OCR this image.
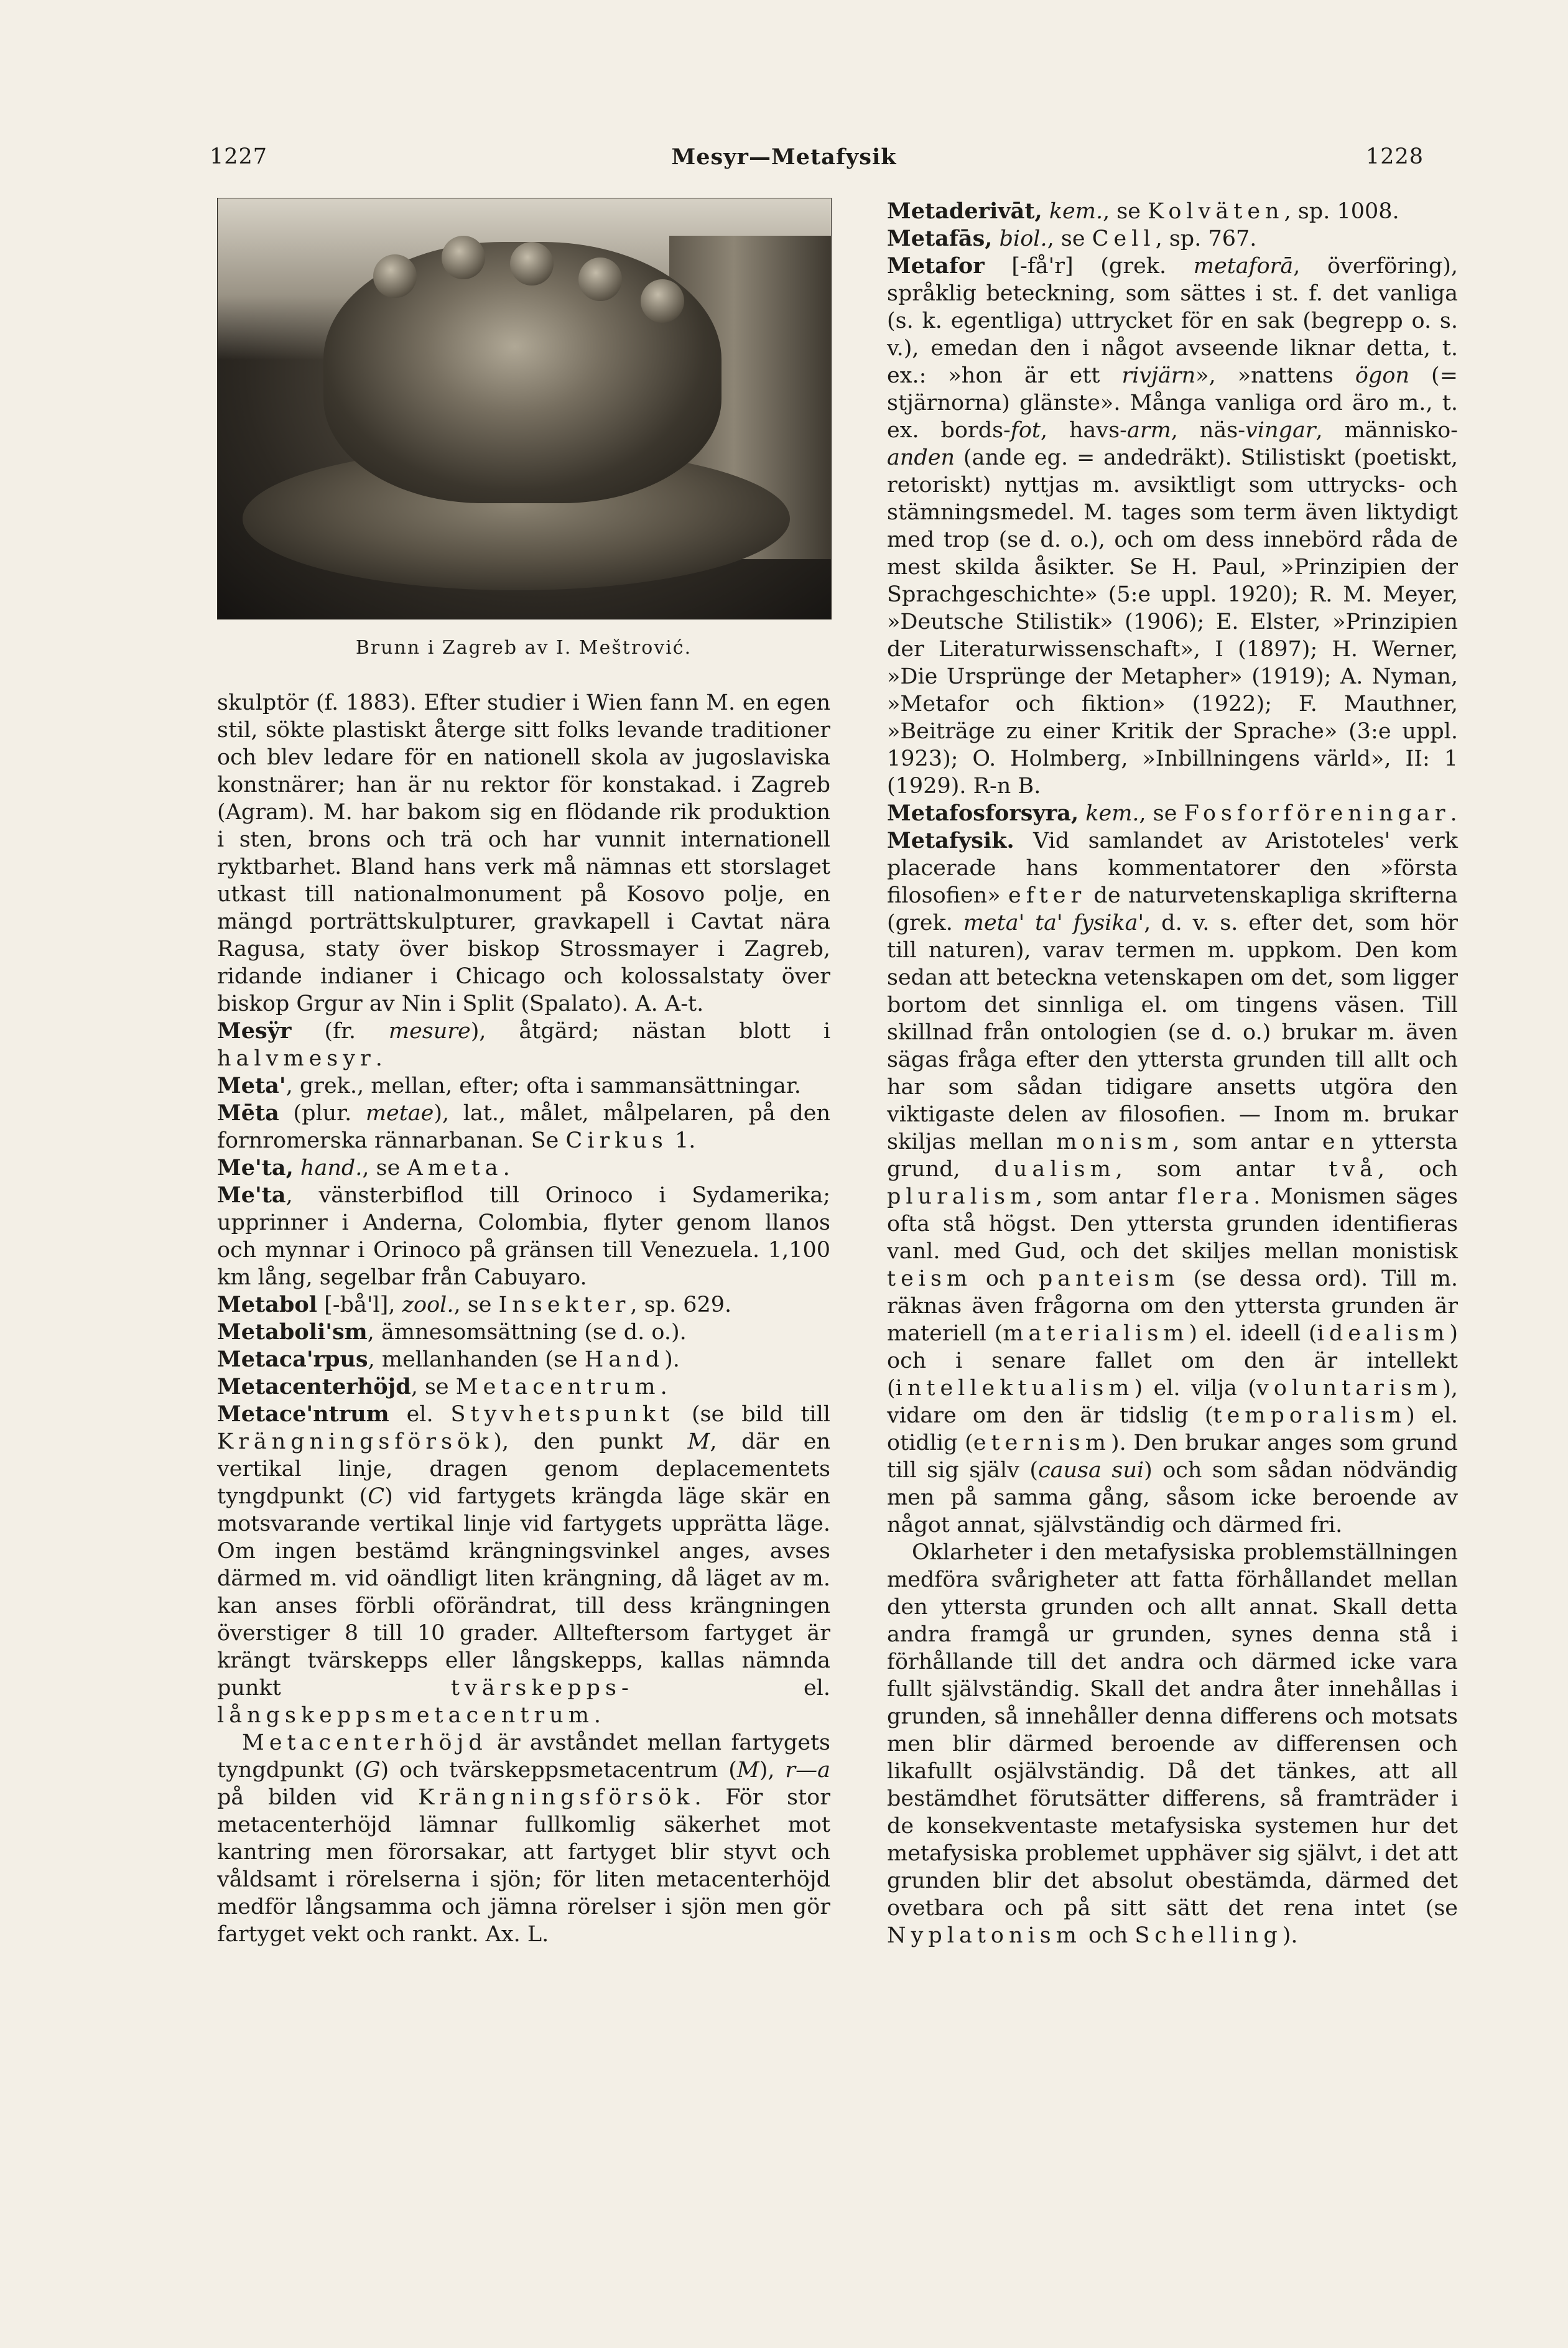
1227	Mesyr—Metafysik	1228
Brunn i Zagreb av I. Meštrović.

skulptör (f. 1883). Efter studier i Wien fann M. en egen stil, sökte plastiskt återge sitt folks levande traditioner och blev ledare för en nationell skola av jugoslaviska konstnärer; han är nu rektor för konstakad. i Zagreb (Agram). M. har bakom sig en flödande rik produktion i sten, brons och trä och har vunnit internationell ryktbarhet. Bland hans verk må nämnas ett storslaget utkast till nationalmonument på Kosovo polje, en mängd porträttskulpturer, gravkapell i Cavtat nära Ragusa, staty över biskop Strossmayer i Zagreb, ridande indianer i Chicago och kolossalstaty över biskop Grgur av Nin i Split (Spalato). A. A-t.

Mesÿr (fr. mesure), åtgärd; nästan blott i halvmesyr.

Meta', grek., mellan, efter; ofta i sammansättningar.

Mēta (plur. metae), lat., målet, målpelaren, på den fornromerska rännarbanan. Se Cirkus 1.

Me'ta, hand., se Ameta.

Me'ta, vänsterbiflod till Orinoco i Sydamerika; upprinner i Anderna, Colombia, flyter genom llanos och mynnar i Orinoco på gränsen till Venezuela. 1,100 km lång, segelbar från Cabuyaro.

Metabol [-bå'l], zool., se Insekter, sp. 629.

Metaboli'sm, ämnesomsättning (se d. o.).

Metaca'rpus, mellanhanden (se Hand).

Metacenterhöjd, se Metacentrum.

Metace'ntrum el. Styvhetspunkt (se bild till Krängningsförsök), den punkt M, där en vertikal linje, dragen genom deplacementets tyngdpunkt (C) vid fartygets krängda läge skär en motsvarande vertikal linje vid fartygets upprätta läge. Om ingen bestämd krängningsvinkel anges, avses därmed m. vid oändligt liten krängning, då läget av m. kan anses förbli oförändrat, till dess krängningen överstiger 8 till 10 grader. Allteftersom fartyget är krängt tvärskepps eller långskepps, kallas nämnda punkt tvärskepps- el. långskeppsmetacentrum.

Metacenterhöjd är avståndet mellan fartygets tyngdpunkt (G) och tvärskeppsmetacentrum (M), r—a på bilden vid Krängningsförsök. För stor metacenterhöjd lämnar fullkomlig säkerhet mot kantring men förorsakar, att fartyget blir styvt och våldsamt i rörelserna i sjön; för liten metacenterhöjd medför långsamma och jämna rörelser i sjön men gör fartyget vekt och rankt. Ax. L.

Metaderivāt, kem., se Kolväten, sp. 1008.

Metafās, biol., se Cell, sp. 767.

Metafor [-få'r] (grek. metaforā, överföring), språklig beteckning, som sättes i st. f. det vanliga (s. k. egentliga) uttrycket för en sak (begrepp o. s. v.), emedan den i något avseende liknar detta, t. ex.: »hon är ett rivjärn», »nattens ögon (= stjärnorna) glänste». Många vanliga ord äro m., t. ex. bords-fot, havs-arm, näs-vingar, människo-anden (ande eg. = andedräkt). Stilistiskt (poetiskt, retoriskt) nyttjas m. avsiktligt som uttrycks- och stämningsmedel. M. tages som term även liktydigt med trop (se d. o.), och om dess innebörd råda de mest skilda åsikter. Se H. Paul, »Prinzipien der Sprachgeschichte» (5:e uppl. 1920); R. M. Meyer, »Deutsche Stilistik» (1906); E. Elster, »Prinzipien der Literaturwissenschaft», I (1897); H. Werner, »Die Ursprünge der Metapher» (1919); A. Nyman, »Metafor och fiktion» (1922); F. Mauthner, »Beiträge zu einer Kritik der Sprache» (3:e uppl. 1923); O. Holmberg, »Inbillningens värld», II: 1 (1929). R-n B.

Metafosforsyra, kem., se Fosforföreningar.

Metafysik. Vid samlandet av Aristoteles' verk placerade hans kommentatorer den »första filosofien» efter de naturvetenskapliga skrifterna (grek. meta' ta' fysika', d. v. s. efter det, som hör till naturen), varav termen m. uppkom. Den kom sedan att beteckna vetenskapen om det, som ligger bortom det sinnliga el. om tingens väsen. Till skillnad från ontologien (se d. o.) brukar m. även sägas fråga efter den yttersta grunden till allt och har som sådan tidigare ansetts utgöra den viktigaste delen av filosofien. — Inom m. brukar skiljas mellan monism, som antar en yttersta grund, dualism, som antar två, och pluralism, som antar flera. Monismen säges ofta stå högst. Den yttersta grunden identifieras vanl. med Gud, och det skiljes mellan monistisk teism och panteism (se dessa ord). Till m. räknas även frågorna om den yttersta grunden är materiell (materialism) el. ideell (idealism) och i senare fallet om den är intellekt (intellektualism) el. vilja (voluntarism), vidare om den är tidslig (temporalism) el. otidlig (eternism). Den brukar anges som grund till sig själv (causa sui) och som sådan nödvändig men på samma gång, såsom icke beroende av något annat, självständig och därmed fri.

Oklarheter i den metafysiska problemställningen medföra svårigheter att fatta förhållandet mellan den yttersta grunden och allt annat. Skall detta andra framgå ur grunden, synes denna stå i förhållande till det andra och därmed icke vara fullt självständig. Skall det andra åter innehållas i grunden, så innehåller denna differens och motsats men blir därmed beroende av differensen och likafullt osjälvständig. Då det tänkes, att all bestämdhet förutsätter differens, så framträder i de konsekventaste metafysiska systemen hur det metafysiska problemet upphäver sig självt, i det att grunden blir det absolut obestämda, därmed det ovetbara och på sitt sätt det rena intet (se Nyplatonism och Schelling).
